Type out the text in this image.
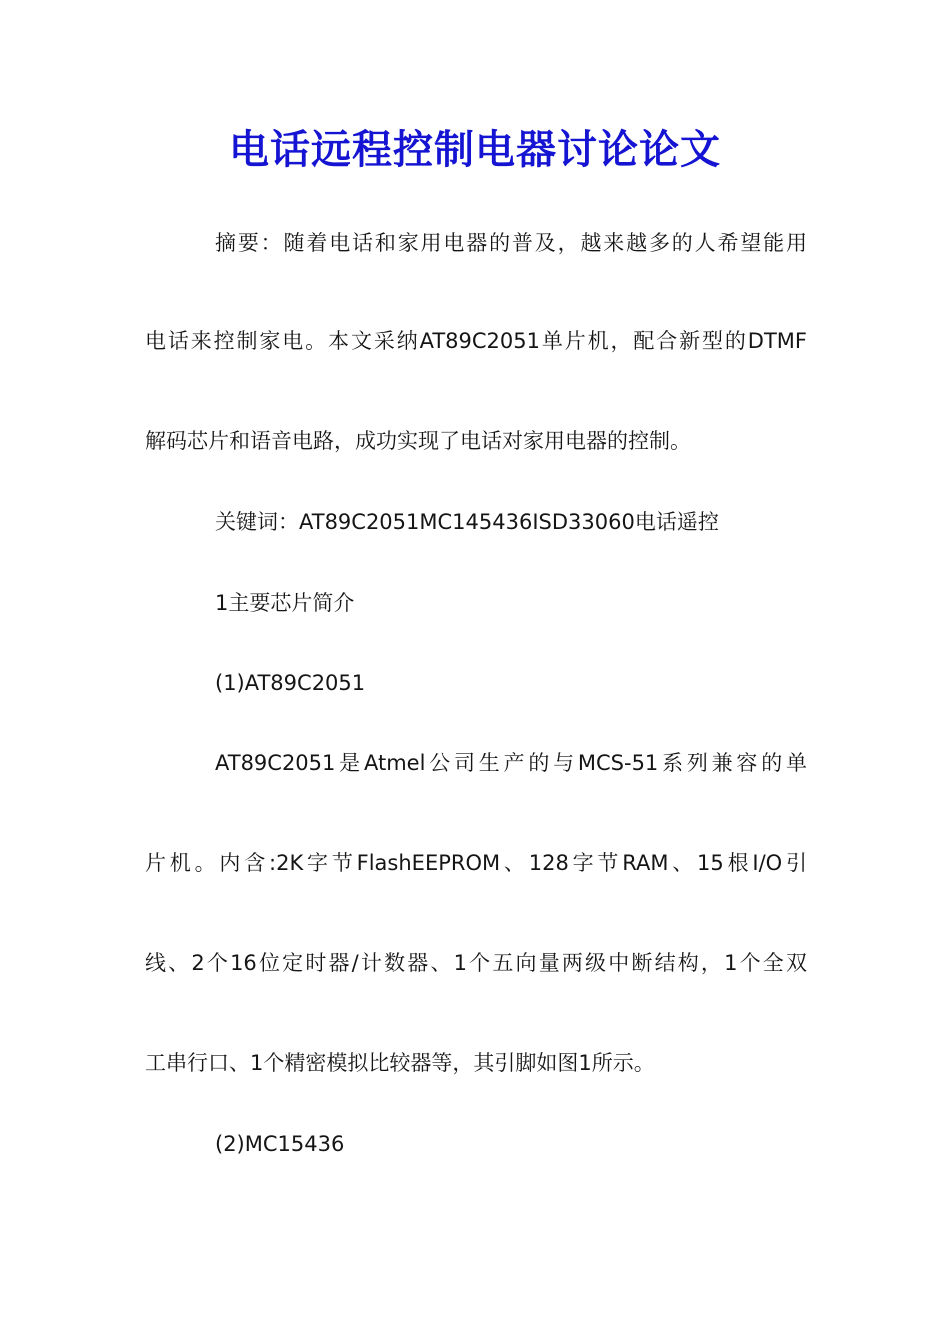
电话远程控制电器讨论论文
摘要：随着电话和家用电器的普及，越来越多的人希望能用
电话来控制家电。本文采纳AT89C2051单片机，配合新型的DTMF
解码芯片和语音电路，成功实现了电话对家用电器的控制。
关键词：AT89C2051MC145436ISD33060电话遥控
1主要芯片简介
(1)AT89C2051
AT89C2051是Atmel公司生产的与MCS-51系列兼容的单
片机。内含:2K字节FlashEEPROM、128字节RAM、15根I/O引
线、2个16位定时器/计数器、1个五向量两级中断结构，1个全双
工串行口、1个精密模拟比较器等，其引脚如图1所示。
(2)MC15436
